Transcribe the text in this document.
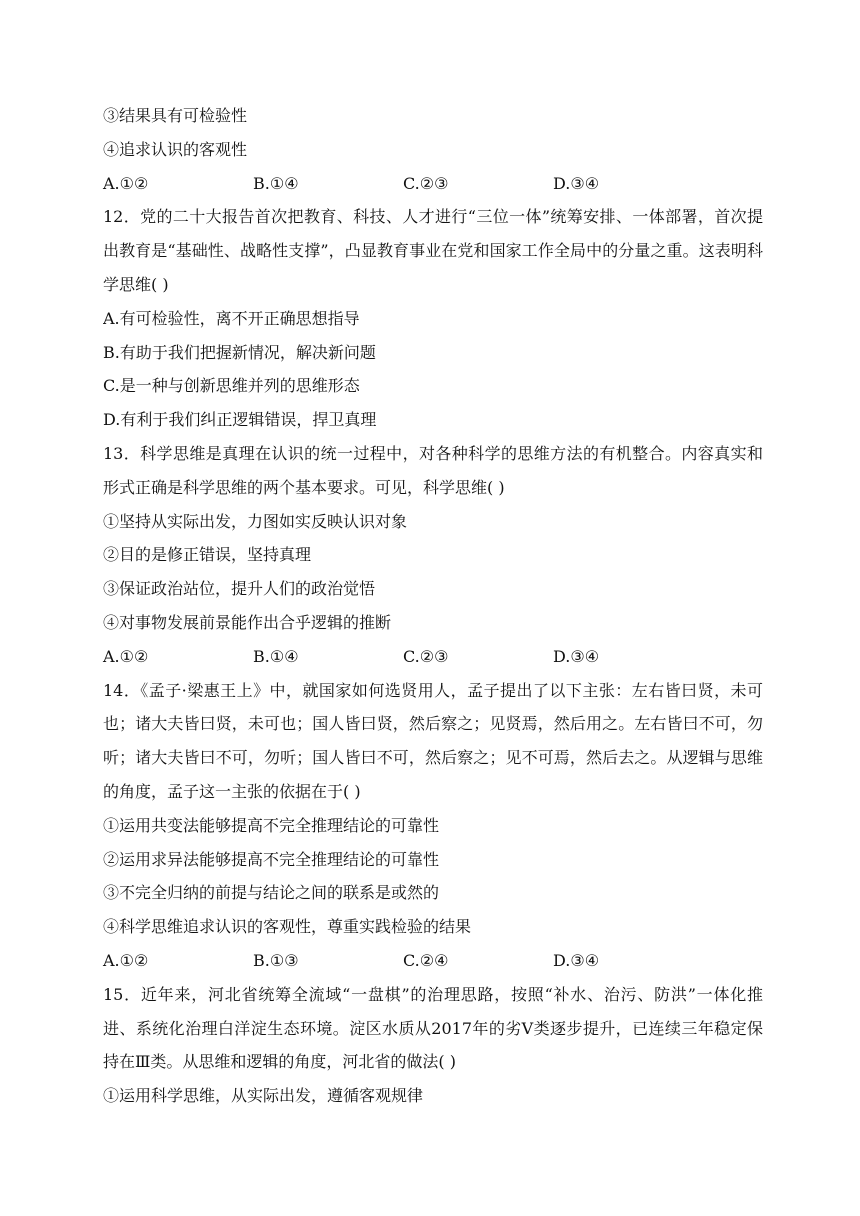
③结果具有可检验性
④追求认识的客观性
A.①②	B.①④	C.②③	D.③④
12．党的二十大报告首次把教育、科技、人才进行“三位一体”统筹安排、一体部署，首次提出教育是“基础性、战略性支撑”，凸显教育事业在党和国家工作全局中的分量之重。这表明科学思维( )
A.有可检验性，离不开正确思想指导
B.有助于我们把握新情况，解决新问题
C.是一种与创新思维并列的思维形态
D.有利于我们纠正逻辑错误，捍卫真理
13．科学思维是真理在认识的统一过程中，对各种科学的思维方法的有机整合。内容真实和形式正确是科学思维的两个基本要求。可见，科学思维( )
①坚持从实际出发，力图如实反映认识对象
②目的是修正错误，坚持真理
③保证政治站位，提升人们的政治觉悟
④对事物发展前景能作出合乎逻辑的推断
A.①②	B.①④	C.②③	D.③④
14．《孟子·梁惠王上》中，就国家如何选贤用人，孟子提出了以下主张：左右皆曰贤，未可也；诸大夫皆曰贤，未可也；国人皆曰贤，然后察之；见贤焉，然后用之。左右皆曰不可，勿听；诸大夫皆曰不可，勿听；国人皆曰不可，然后察之；见不可焉，然后去之。从逻辑与思维的角度，孟子这一主张的依据在于( )
①运用共变法能够提高不完全推理结论的可靠性
②运用求异法能够提高不完全推理结论的可靠性
③不完全归纳的前提与结论之间的联系是或然的
④科学思维追求认识的客观性，尊重实践检验的结果
A.①②	B.①③	C.②④	D.③④
15．近年来，河北省统筹全流域“一盘棋”的治理思路，按照“补水、治污、防洪”一体化推进、系统化治理白洋淀生态环境。淀区水质从2017年的劣Ⅴ类逐步提升，已连续三年稳定保持在Ⅲ类。从思维和逻辑的角度，河北省的做法( )
①运用科学思维，从实际出发，遵循客观规律
